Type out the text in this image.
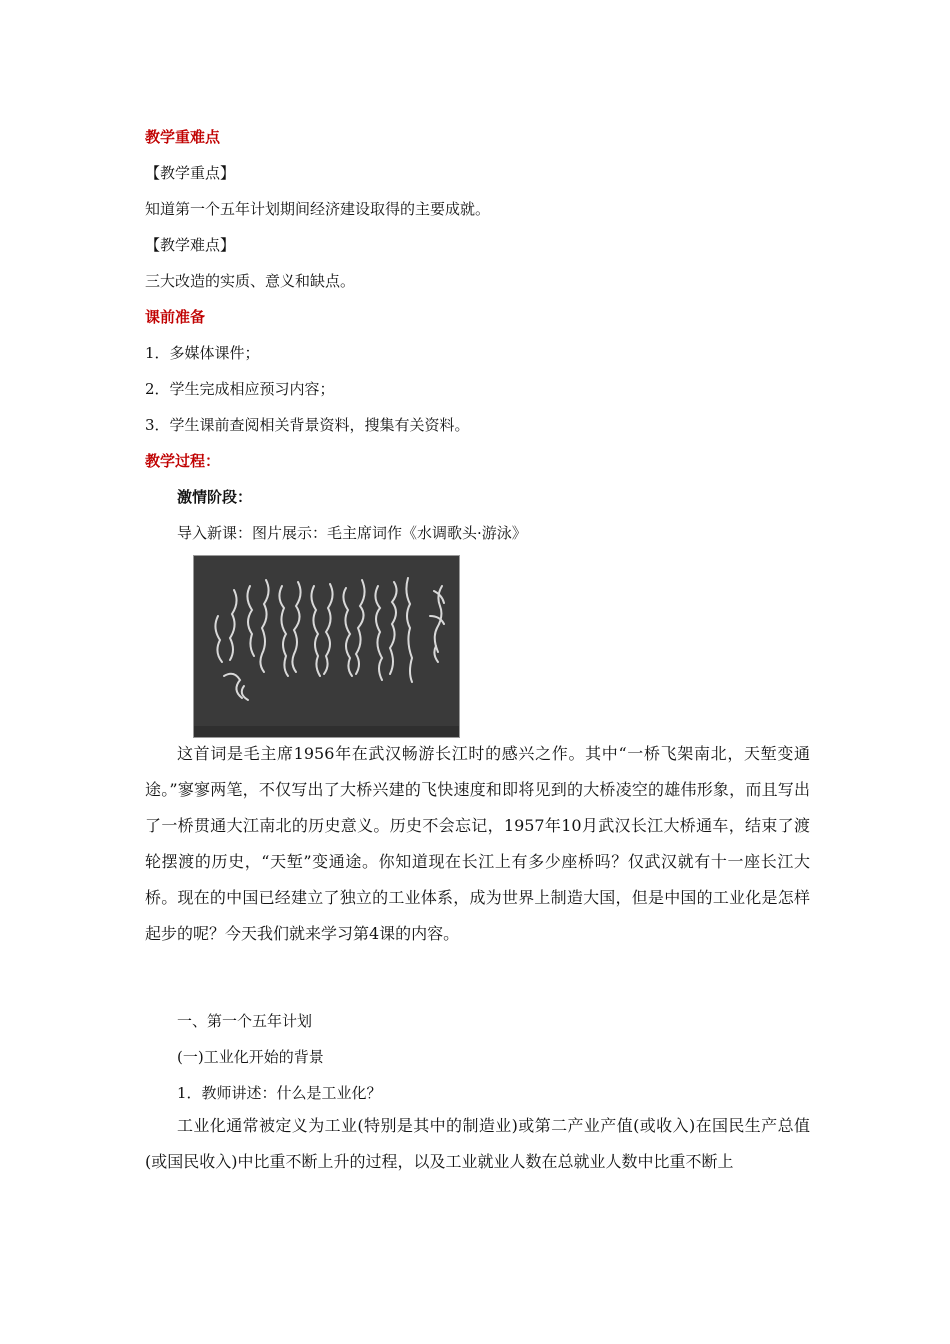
教学重难点
【教学重点】
知道第一个五年计划期间经济建设取得的主要成就。
【教学难点】
三大改造的实质、意义和缺点。
课前准备
1．多媒体课件；
2．学生完成相应预习内容；
3．学生课前查阅相关背景资料，搜集有关资料。
教学过程：
激情阶段：
导入新课：图片展示：毛主席词作《水调歌头·游泳》
这首词是毛主席1956年在武汉畅游长江时的感兴之作。其中“一桥飞架南北，天堑变通途。”寥寥两笔，不仅写出了大桥兴建的飞快速度和即将见到的大桥凌空的雄伟形象，而且写出了一桥贯通大江南北的历史意义。历史不会忘记，1957年10月武汉长江大桥通车，结束了渡轮摆渡的历史，“天堑”变通途。你知道现在长江上有多少座桥吗？仅武汉就有十一座长江大桥。现在的中国已经建立了独立的工业体系，成为世界上制造大国，但是中国的工业化是怎样起步的呢？今天我们就来学习第4课的内容。
一、第一个五年计划
(一)工业化开始的背景
1．教师讲述：什么是工业化？
工业化通常被定义为工业(特别是其中的制造业)或第二产业产值(或收入)在国民生产总值(或国民收入)中比重不断上升的过程，以及工业就业人数在总就业人数中比重不断上
